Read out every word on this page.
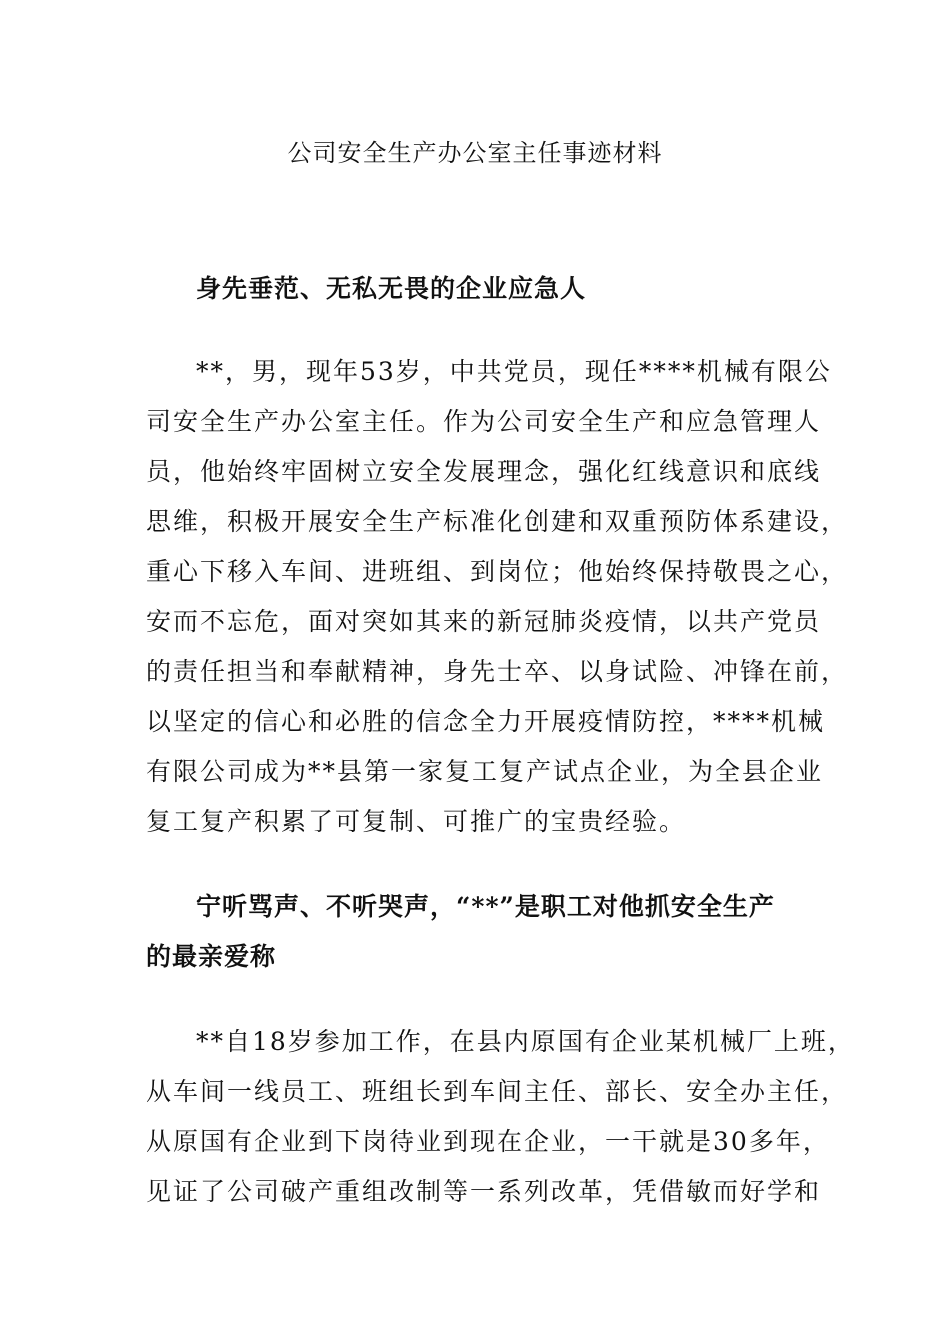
公司安全生产办公室主任事迹材料
身先垂范、无私无畏的企业应急人
**，男，现年53岁，中共党员，现任****机械有限公
司安全生产办公室主任。作为公司安全生产和应急管理人
员，他始终牢固树立安全发展理念，强化红线意识和底线
思维，积极开展安全生产标准化创建和双重预防体系建设，
重心下移入车间、进班组、到岗位；他始终保持敬畏之心，
安而不忘危，面对突如其来的新冠肺炎疫情，以共产党员
的责任担当和奉献精神，身先士卒、以身试险、冲锋在前，
以坚定的信心和必胜的信念全力开展疫情防控，****机械
有限公司成为**县第一家复工复产试点企业，为全县企业
复工复产积累了可复制、可推广的宝贵经验。
宁听骂声、不听哭声，“**”是职工对他抓安全生产
的最亲爱称
**自18岁参加工作，在县内原国有企业某机械厂上班，
从车间一线员工、班组长到车间主任、部长、安全办主任，
从原国有企业到下岗待业到现在企业，一干就是30多年，
见证了公司破产重组改制等一系列改革，凭借敏而好学和
